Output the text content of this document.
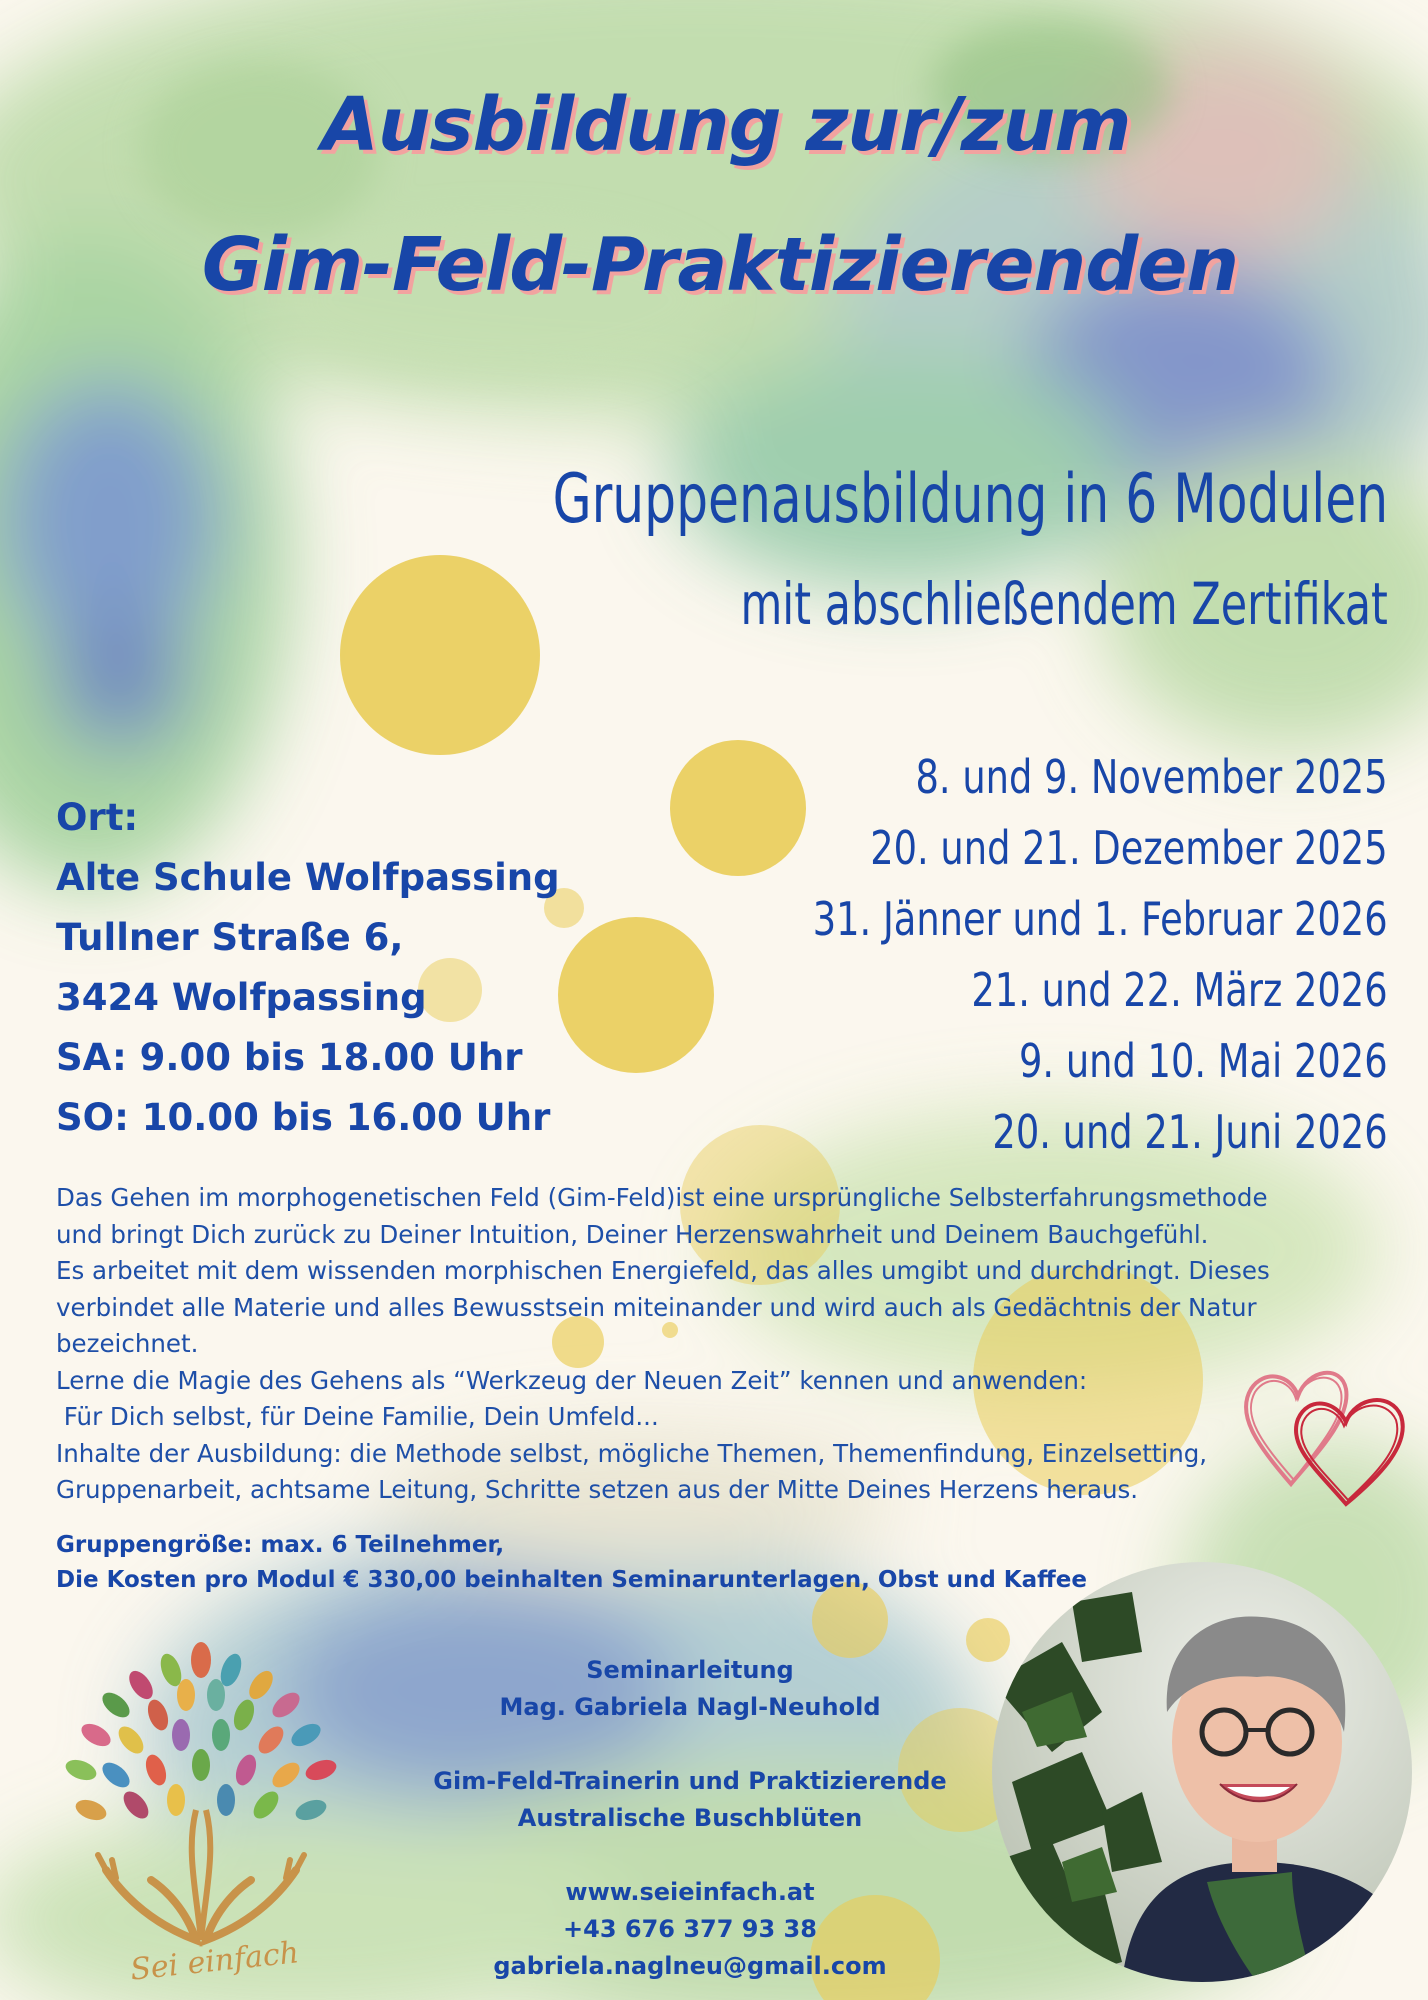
Ausbildung zur/zum
Gim-Feld-Praktizierenden
Gruppenausbildung in 6 Modulen
mit abschließendem Zertifikat
8. und 9. November 2025
20. und 21. Dezember 2025
31. Jänner und 1. Februar 2026
21. und 22. März 2026
9. und 10. Mai 2026
20. und 21. Juni 2026
Ort:
Alte Schule Wolfpassing
Tullner Straße 6,
3424 Wolfpassing
SA: 9.00 bis 18.00 Uhr
SO: 10.00 bis 16.00 Uhr

Das Gehen im morphogenetischen Feld (Gim-Feld)ist eine ursprüngliche Selbsterfahrungsmethode

und bringt Dich zurück zu Deiner Intuition, Deiner Herzenswahrheit und Deinem Bauchgefühl.

Es arbeitet mit dem wissenden morphischen Energiefeld, das alles umgibt und durchdringt. Dieses

verbindet alle Materie und alles Bewusstsein miteinander und wird auch als Gedächtnis der Natur

bezeichnet.

Lerne die Magie des Gehens als “Werkzeug der Neuen Zeit” kennen und anwenden:

Für Dich selbst, für Deine Familie, Dein Umfeld...

Inhalte der Ausbildung: die Methode selbst, mögliche Themen, Themenfindung, Einzelsetting,

Gruppenarbeit, achtsame Leitung, Schritte setzen aus der Mitte Deines Herzens heraus.

Gruppengröße: max. 6 Teilnehmer,
Die Kosten pro Modul € 330,00 beinhalten Seminarunterlagen, Obst und Kaffee
Seminarleitung
Mag. Gabriela Nagl-Neuhold
Gim-Feld-Trainerin und Praktizierende
Australische Buschblüten
www.seieinfach.at
+43 676 377 93 38
gabriela.naglneu@gmail.com
Sei einfach
